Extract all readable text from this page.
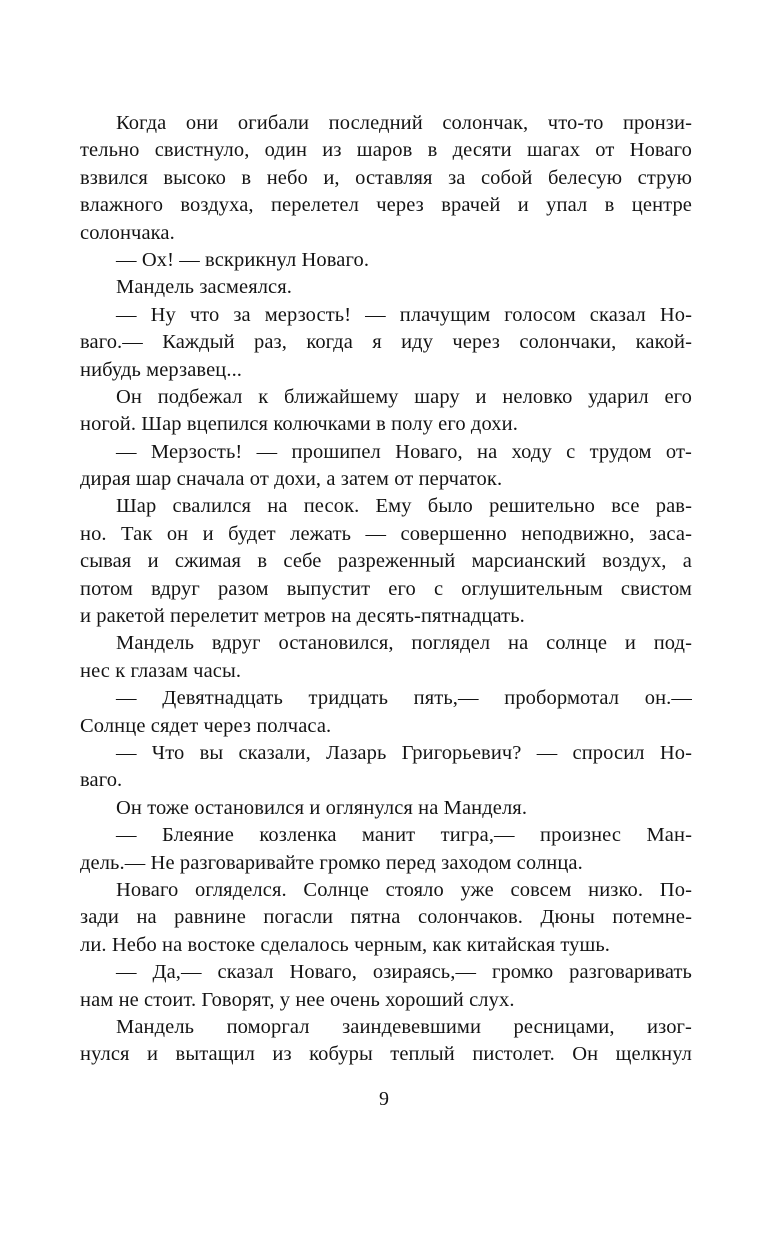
Когда они огибали последний солончак, что-то пронзи-
тельно свистнуло, один из шаров в десяти шагах от Новаго
взвился высоко в небо и, оставляя за собой белесую струю
влажного воздуха, перелетел через врачей и упал в центре
солончака.
— Ох! — вскрикнул Новаго.
Мандель засмеялся.
— Ну что за мерзость! — плачущим голосом сказал Но-
ваго.— Каждый раз, когда я иду через солончаки, какой-
нибудь мерзавец...
Он подбежал к ближайшему шару и неловко ударил его
ногой. Шар вцепился колючками в полу его дохи.
— Мерзость! — прошипел Новаго, на ходу с трудом от-
дирая шар сначала от дохи, а затем от перчаток.
Шар свалился на песок. Ему было решительно все рав-
но. Так он и будет лежать — совершенно неподвижно, заса-
сывая и сжимая в себе разреженный марсианский воздух, а
потом вдруг разом выпустит его с оглушительным свистом
и ракетой перелетит метров на десять-пятнадцать.
Мандель вдруг остановился, поглядел на солнце и под-
нес к глазам часы.
— Девятнадцать тридцать пять,— пробормотал он.—
Солнце сядет через полчаса.
— Что вы сказали, Лазарь Григорьевич? — спросил Но-
ваго.
Он тоже остановился и оглянулся на Манделя.
— Блеяние козленка манит тигра,— произнес Ман-
дель.— Не разговаривайте громко перед заходом солнца.
Новаго огляделся. Солнце стояло уже совсем низко. По-
зади на равнине погасли пятна солончаков. Дюны потемне-
ли. Небо на востоке сделалось черным, как китайская тушь.
— Да,— сказал Новаго, озираясь,— громко разговаривать
нам не стоит. Говорят, у нее очень хороший слух.
Мандель поморгал заиндевевшими ресницами, изог-
нулся и вытащил из кобуры теплый пистолет. Он щелкнул
9
